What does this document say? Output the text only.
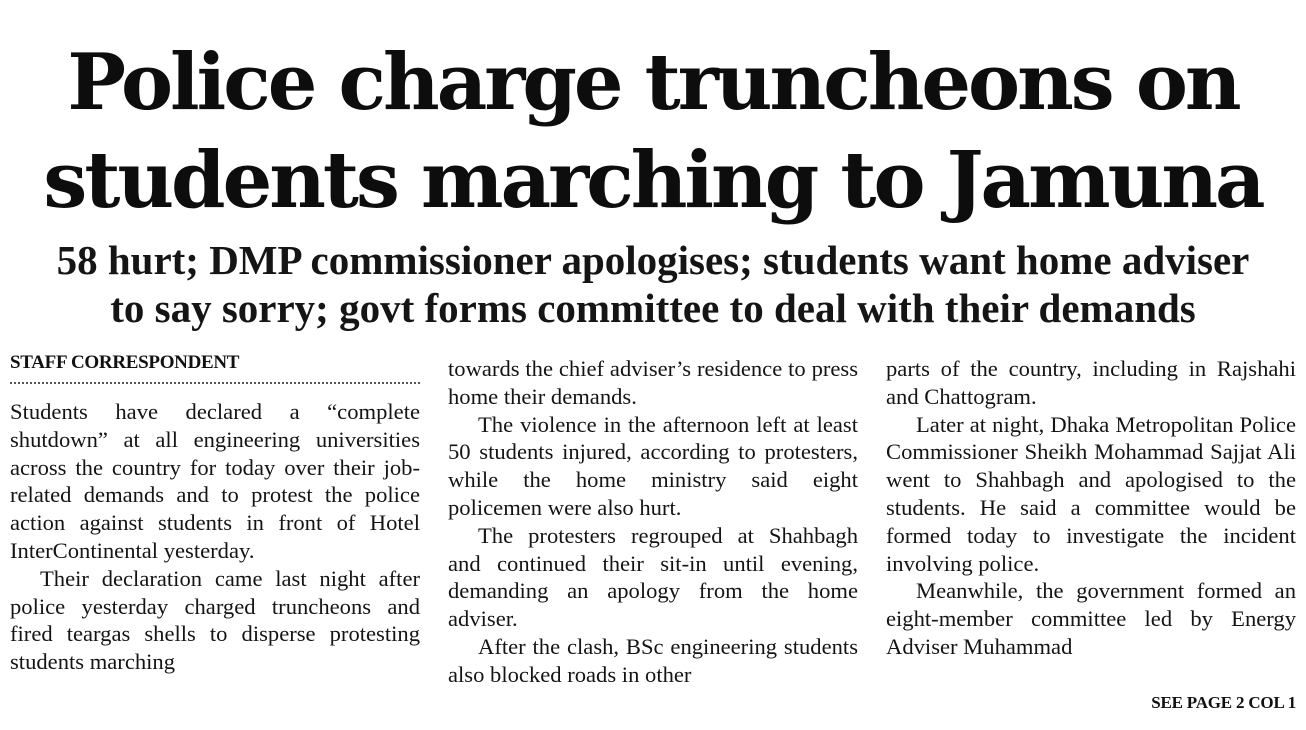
Police charge truncheons on
students marching to Jamuna
58 hurt; DMP commissioner apologises; students want home adviser
to say sorry; govt forms committee to deal with their demands

STAFF CORRESPONDENT

Students have declared a “complete shutdown” at all engineering universities across the country for today over their job-related demands and to protest the police action against students in front of Hotel InterContinental yesterday.

Their declaration came last night after police yesterday charged truncheons and fired teargas shells to disperse protesting students marching

towards the chief adviser’s residence to press home their demands.

The violence in the afternoon left at least 50 students injured, according to protesters, while the home ministry said eight policemen were also hurt.

The protesters regrouped at Shahbagh and continued their sit-in until evening, demanding an apology from the home adviser.

After the clash, BSc engineering students also blocked roads in other

parts of the country, including in Rajshahi and Chattogram.

Later at night, Dhaka Metropolitan Police Commissioner Sheikh Mohammad Sajjat Ali went to Shahbagh and apologised to the students. He said a committee would be formed today to investigate the incident involving police.

Meanwhile, the government formed an eight-member committee led by Energy Adviser Muhammad

SEE PAGE 2 COL 1
